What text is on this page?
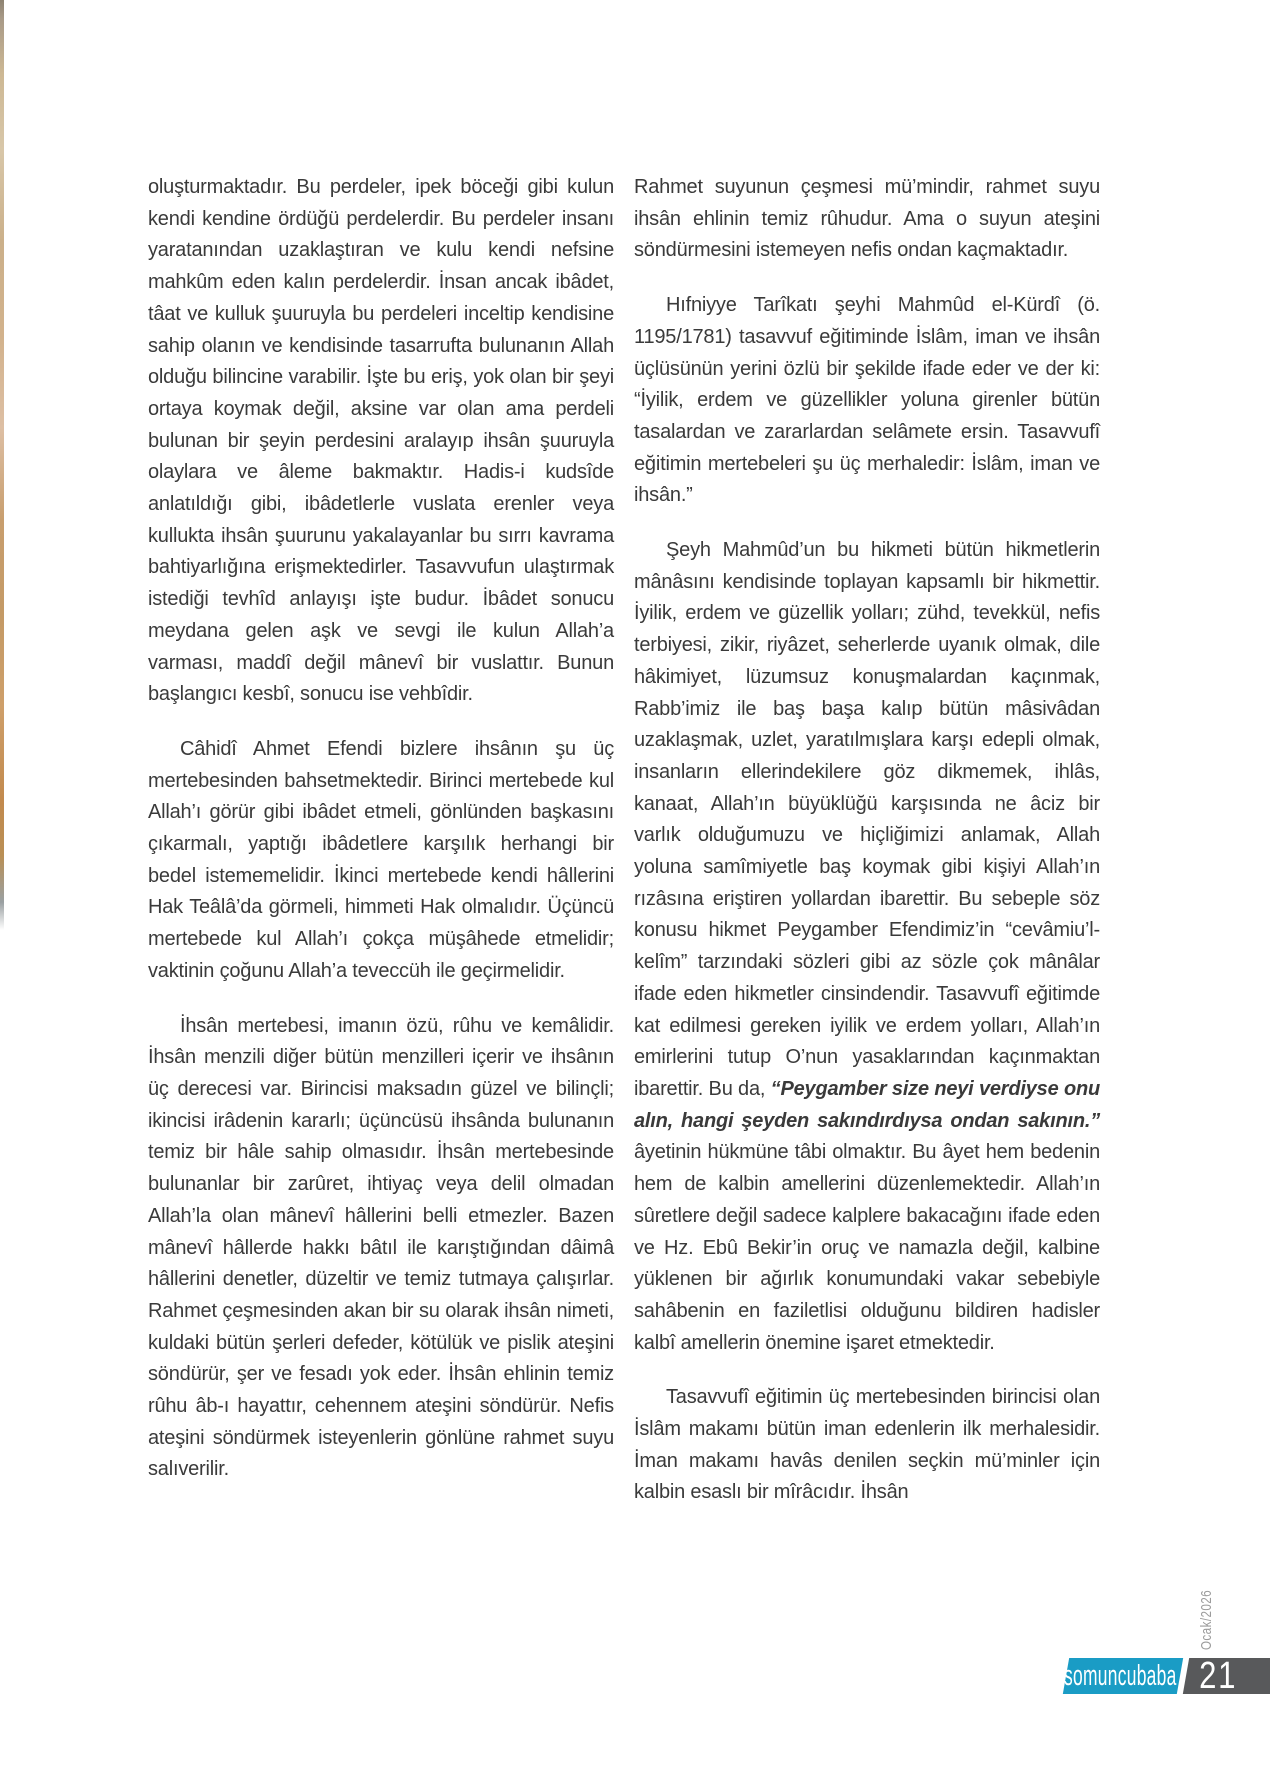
oluşturmaktadır. Bu perdeler, ipek böceği gibi kulun kendi kendine ördüğü perdelerdir. Bu perdeler insanı yaratanından uzaklaştıran ve kulu kendi nefsine mahkûm eden kalın perdelerdir. İnsan ancak ibâdet, tâat ve kulluk şuuruyla bu perdeleri inceltip kendisine sahip olanın ve kendisinde tasarrufta bulunanın Allah olduğu bilincine varabilir. İşte bu eriş, yok olan bir şeyi ortaya koymak değil, aksine var olan ama perdeli bulunan bir şeyin perdesini aralayıp ihsân şuuruyla olaylara ve âleme bakmaktır. Hadis-i kudsîde anlatıldığı gibi, ibâdetlerle vuslata erenler veya kullukta ihsân şuurunu yakalayanlar bu sırrı kavrama bahtiyarlığına erişmektedirler. Tasavvufun ulaştırmak istediği tevhîd anlayışı işte budur. İbâdet sonucu meydana gelen aşk ve sevgi ile kulun Allah’a varması, maddî değil mânevî bir vuslattır. Bunun başlangıcı kesbî, sonucu ise vehbîdir.

Câhidî Ahmet Efendi bizlere ihsânın şu üç mertebesinden bahsetmektedir. Birinci mertebede kul Allah’ı görür gibi ibâdet etmeli, gönlünden başkasını çıkarmalı, yaptığı ibâdetlere karşılık herhangi bir bedel istememelidir. İkinci mertebede kendi hâllerini Hak Teâlâ’da görmeli, himmeti Hak olmalıdır. Üçüncü mertebede kul Allah’ı çokça müşâhede etmelidir; vaktinin çoğunu Allah’a teveccüh ile geçirmelidir.

İhsân mertebesi, imanın özü, rûhu ve kemâlidir. İhsân menzili diğer bütün menzilleri içerir ve ihsânın üç derecesi var. Birincisi maksadın güzel ve bilinçli; ikincisi irâdenin kararlı; üçüncüsü ihsânda bulunanın temiz bir hâle sahip olmasıdır. İhsân mertebesinde bulunanlar bir zarûret, ihtiyaç veya delil olmadan Allah’la olan mânevî hâllerini belli etmezler. Bazen mânevî hâllerde hakkı bâtıl ile karıştığından dâimâ hâllerini denetler, düzeltir ve temiz tutmaya çalışırlar. Rahmet çeşmesinden akan bir su olarak ihsân nimeti, kuldaki bütün şerleri defeder, kötülük ve pislik ateşini söndürür, şer ve fesadı yok eder. İhsân ehlinin temiz rûhu âb-ı hayattır, cehennem ateşini söndürür. Nefis ateşini söndürmek isteyenlerin gönlüne rahmet suyu salıverilir.

Rahmet suyunun çeşmesi mü’mindir, rahmet suyu ihsân ehlinin temiz rûhudur. Ama o suyun ateşini söndürmesini istemeyen nefis ondan kaçmaktadır.

Hıfniyye Tarîkatı şeyhi Mahmûd el-Kürdî (ö. 1195/1781) tasavvuf eğitiminde İslâm, iman ve ihsân üçlüsünün yerini özlü bir şekilde ifade eder ve der ki: “İyilik, erdem ve güzellikler yoluna girenler bütün tasalardan ve zararlardan selâmete ersin. Tasavvufî eğitimin mertebeleri şu üç merhaledir: İslâm, iman ve ihsân.”

Şeyh Mahmûd’un bu hikmeti bütün hikmetlerin mânâsını kendisinde toplayan kapsamlı bir hikmettir. İyilik, erdem ve güzellik yolları; zühd, tevekkül, nefis terbiyesi, zikir, riyâzet, seherlerde uyanık olmak, dile hâkimiyet, lüzumsuz konuşmalardan kaçınmak, Rabb’imiz ile baş başa kalıp bütün mâsivâdan uzaklaşmak, uzlet, yaratılmışlara karşı edepli olmak, insanların ellerindekilere göz dikmemek, ihlâs, kanaat, Allah’ın büyüklüğü karşısında ne âciz bir varlık olduğumuzu ve hiçliğimizi anlamak, Allah yoluna samîmiyetle baş koymak gibi kişiyi Allah’ın rızâsına eriştiren yollardan ibarettir. Bu sebeple söz konusu hikmet Peygamber Efendimiz’in “cevâmiu’l-kelîm” tarzındaki sözleri gibi az sözle çok mânâlar ifade eden hikmetler cinsindendir. Tasavvufî eğitimde kat edilmesi gereken iyilik ve erdem yolları, Allah’ın emirlerini tutup O’nun yasaklarından kaçınmaktan ibarettir. Bu da, “Peygamber size neyi verdiyse onu alın, hangi şeyden sakındırdıysa ondan sakının.” âyetinin hükmüne tâbi olmaktır. Bu âyet hem bedenin hem de kalbin amellerini düzenlemektedir. Allah’ın sûretlere değil sadece kalplere bakacağını ifade eden ve Hz. Ebû Bekir’in oruç ve namazla değil, kalbine yüklenen bir ağırlık konumundaki vakar sebebiyle sahâbenin en faziletlisi olduğunu bildiren hadisler kalbî amellerin önemine işaret etmektedir.

Tasavvufî eğitimin üç mertebesinden birincisi olan İslâm makamı bütün iman edenlerin ilk merhalesidir. İman makamı havâs denilen seçkin mü’minler için kalbin esaslı bir mîrâcıdır. İhsân

Ocak/2026
somuncubaba 21
